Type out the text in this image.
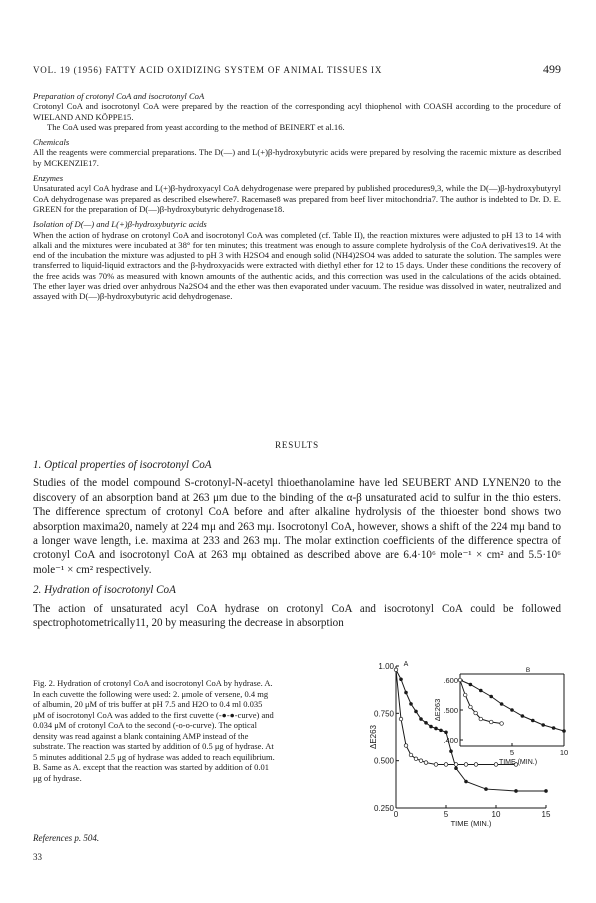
VOL. 19 (1956) FATTY ACID OXIDIZING SYSTEM OF ANIMAL TISSUES IX	499
Preparation of crotonyl CoA and isocrotonyl CoA
Crotonyl CoA and isocrotonyl CoA were prepared by the reaction of the corresponding acyl thiophenol with COASH according to the procedure of WIELAND AND KÖPPE15.
The CoA used was prepared from yeast according to the method of BEINERT et al.16.
Chemicals
All the reagents were commercial preparations. The D(—) and L(+)β-hydroxybutyric acids were prepared by resolving the racemic mixture as described by MCKENZIE17.
Enzymes
Unsaturated acyl CoA hydrase and L(+)β-hydroxyacyl CoA dehydrogenase were prepared by published procedures9,3, while the D(—)β-hydroxybutyryl CoA dehydrogenase was prepared as described elsewhere7. Racemase8 was prepared from beef liver mitochondria7. The author is indebted to Dr. D. E. GREEN for the preparation of D(—)β-hydroxybutyric dehydrogenase18.
Isolation of D(—) and L(+)β-hydroxybutyric acids
When the action of hydrase on crotonyl CoA and isocrotonyl CoA was completed (cf. Table II), the reaction mixtures were adjusted to pH 13 to 14 with alkali and the mixtures were incubated at 38° for ten minutes; this treatment was enough to assure complete hydrolysis of the CoA derivatives19. At the end of the incubation the mixture was adjusted to pH 3 with H2SO4 and enough solid (NH4)2SO4 was added to saturate the solution. The samples were transferred to liquid-liquid extractors and the β-hydroxyacids were extracted with diethyl ether for 12 to 15 days. Under these conditions the recovery of the free acids was 70% as measured with known amounts of the authentic acids, and this correction was used in the calculations of the acids obtained. The ether layer was dried over anhydrous Na2SO4 and the ether was then evaporated under vacuum. The residue was dissolved in water, neutralized and assayed with D(—)β-hydroxybutyric acid dehydrogenase.
RESULTS
1. Optical properties of isocrotonyl CoA
Studies of the model compound S-crotonyl-N-acetyl thioethanolamine have led SEUBERT AND LYNEN20 to the discovery of an absorption band at 263 μm due to the binding of the α-β unsaturated acid to sulfur in the thio esters. The difference sprectum of crotonyl CoA before and after alkaline hydrolysis of the thioester bond shows two absorption maxima20, namely at 224 mμ and 263 mμ. Isocrotonyl CoA, however, shows a shift of the 224 mμ band to a longer wave length, i.e. maxima at 233 and 263 mμ. The molar extinction coefficients of the difference spectra of crotonyl CoA and isocrotonyl CoA at 263 mμ obtained as described above are 6.4·10⁶ mole⁻¹ × cm² and 5.5·10⁶ mole⁻¹ × cm² respectively.
2. Hydration of isocrotonyl CoA
The action of unsaturated acyl CoA hydrase on crotonyl CoA and isocrotonyl CoA could be followed spectrophotometrically11, 20 by measuring the decrease in absorption
Fig. 2. Hydration of crotonyl CoA and isocrotonyl CoA by hydrase. A. In each cuvette the following were used: 2. μmole of versene, 0.4 mg of albumin, 20 μM of tris buffer at pH 7.5 and H2O to 0.4 ml 0.035 μM of isocrotonyl CoA was added to the first cuvette (-●-●-curve) and 0.034 μM of crotonyl CoA to the second (-o-o-curve). The optical density was read against a blank containing AMP instead of the substrate. The reaction was started by addition of 0.5 μg of hydrase. At 5 minutes additional 2.5 μg of hydrase was added to reach equilibrium. B. Same as A. except that the reaction was started by addition of 0.01 μg of hydrase.
1.00
0.750
0.500
0.250
0	5	10	15
TIME (MIN.)
ΔE263
A
.600
.500
.400
5	10
TIME (MIN.)
ΔE263
B
References p. 504.
33
